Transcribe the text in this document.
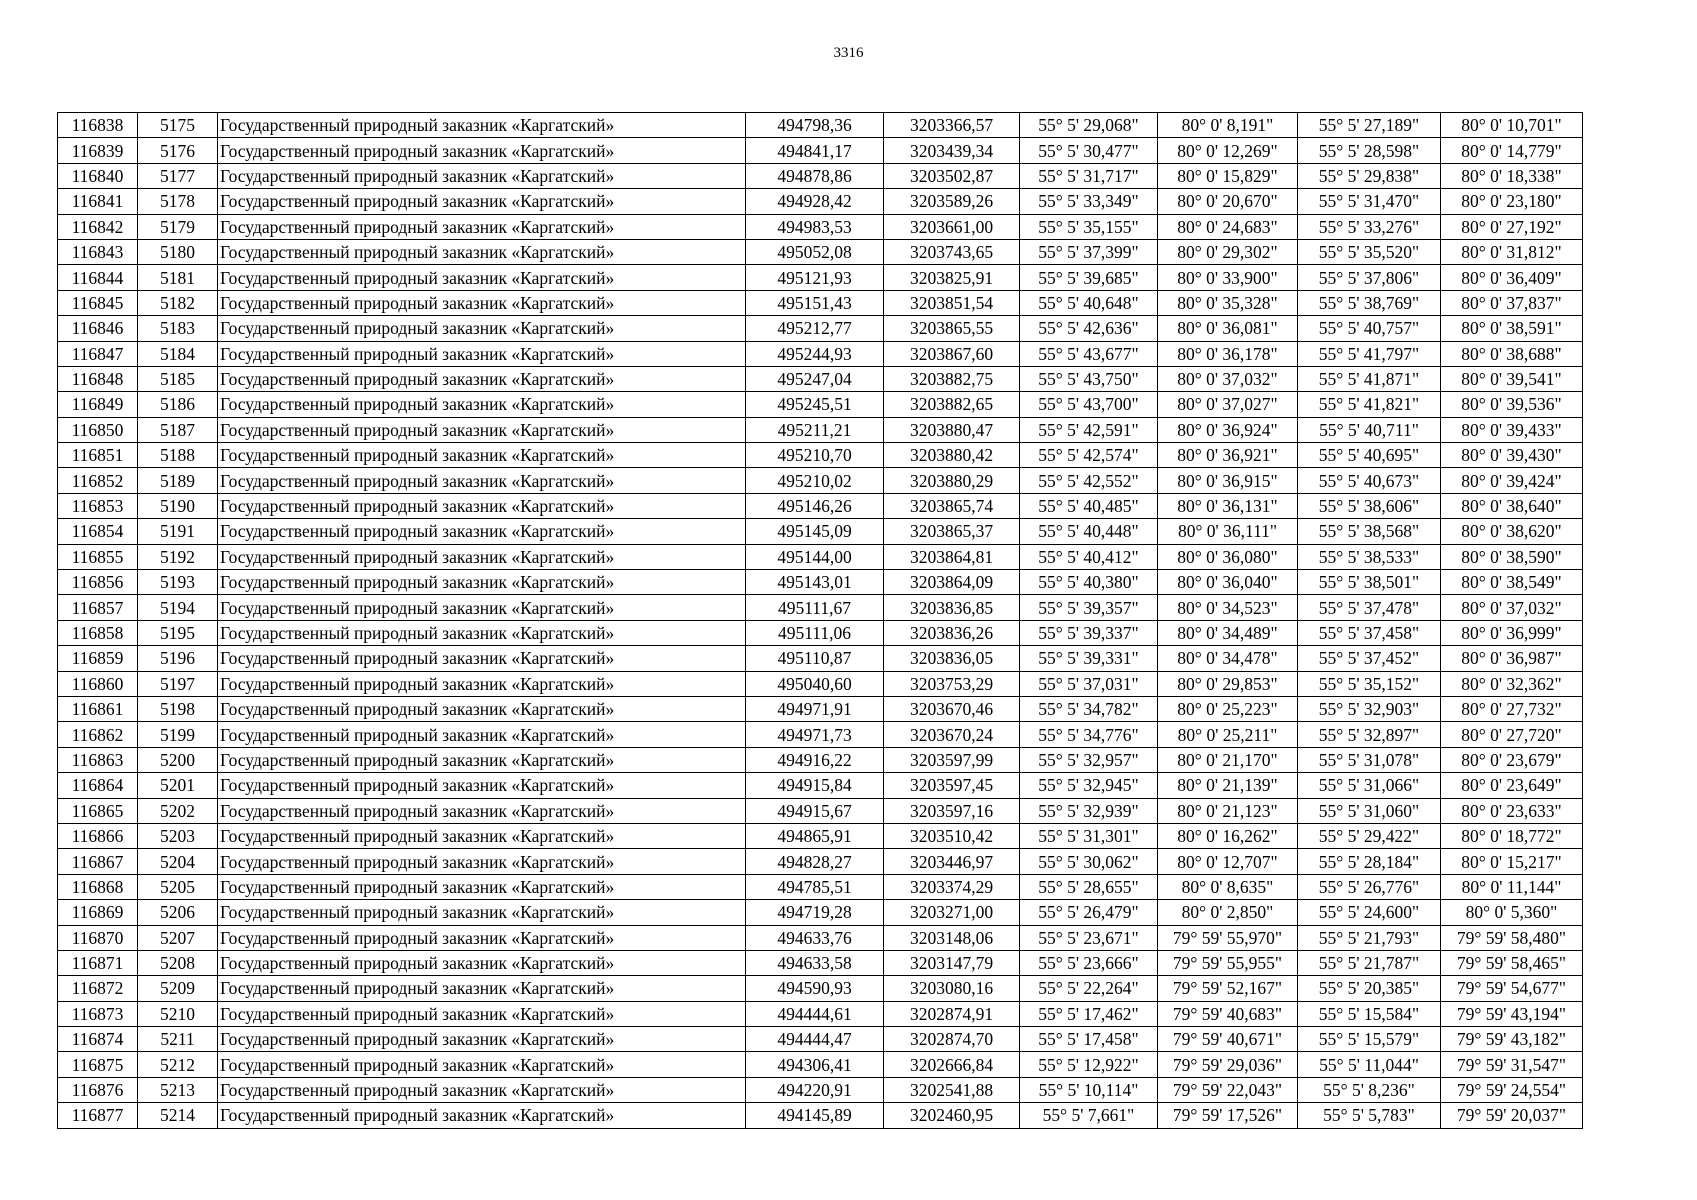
3316
116838	5175	Государственный природный заказник «Каргатский»	494798,36	3203366,57	55° 5' 29,068"	80° 0' 8,191"	55° 5' 27,189"	80° 0' 10,701"
116839	5176	Государственный природный заказник «Каргатский»	494841,17	3203439,34	55° 5' 30,477"	80° 0' 12,269"	55° 5' 28,598"	80° 0' 14,779"
116840	5177	Государственный природный заказник «Каргатский»	494878,86	3203502,87	55° 5' 31,717"	80° 0' 15,829"	55° 5' 29,838"	80° 0' 18,338"
116841	5178	Государственный природный заказник «Каргатский»	494928,42	3203589,26	55° 5' 33,349"	80° 0' 20,670"	55° 5' 31,470"	80° 0' 23,180"
116842	5179	Государственный природный заказник «Каргатский»	494983,53	3203661,00	55° 5' 35,155"	80° 0' 24,683"	55° 5' 33,276"	80° 0' 27,192"
116843	5180	Государственный природный заказник «Каргатский»	495052,08	3203743,65	55° 5' 37,399"	80° 0' 29,302"	55° 5' 35,520"	80° 0' 31,812"
116844	5181	Государственный природный заказник «Каргатский»	495121,93	3203825,91	55° 5' 39,685"	80° 0' 33,900"	55° 5' 37,806"	80° 0' 36,409"
116845	5182	Государственный природный заказник «Каргатский»	495151,43	3203851,54	55° 5' 40,648"	80° 0' 35,328"	55° 5' 38,769"	80° 0' 37,837"
116846	5183	Государственный природный заказник «Каргатский»	495212,77	3203865,55	55° 5' 42,636"	80° 0' 36,081"	55° 5' 40,757"	80° 0' 38,591"
116847	5184	Государственный природный заказник «Каргатский»	495244,93	3203867,60	55° 5' 43,677"	80° 0' 36,178"	55° 5' 41,797"	80° 0' 38,688"
116848	5185	Государственный природный заказник «Каргатский»	495247,04	3203882,75	55° 5' 43,750"	80° 0' 37,032"	55° 5' 41,871"	80° 0' 39,541"
116849	5186	Государственный природный заказник «Каргатский»	495245,51	3203882,65	55° 5' 43,700"	80° 0' 37,027"	55° 5' 41,821"	80° 0' 39,536"
116850	5187	Государственный природный заказник «Каргатский»	495211,21	3203880,47	55° 5' 42,591"	80° 0' 36,924"	55° 5' 40,711"	80° 0' 39,433"
116851	5188	Государственный природный заказник «Каргатский»	495210,70	3203880,42	55° 5' 42,574"	80° 0' 36,921"	55° 5' 40,695"	80° 0' 39,430"
116852	5189	Государственный природный заказник «Каргатский»	495210,02	3203880,29	55° 5' 42,552"	80° 0' 36,915"	55° 5' 40,673"	80° 0' 39,424"
116853	5190	Государственный природный заказник «Каргатский»	495146,26	3203865,74	55° 5' 40,485"	80° 0' 36,131"	55° 5' 38,606"	80° 0' 38,640"
116854	5191	Государственный природный заказник «Каргатский»	495145,09	3203865,37	55° 5' 40,448"	80° 0' 36,111"	55° 5' 38,568"	80° 0' 38,620"
116855	5192	Государственный природный заказник «Каргатский»	495144,00	3203864,81	55° 5' 40,412"	80° 0' 36,080"	55° 5' 38,533"	80° 0' 38,590"
116856	5193	Государственный природный заказник «Каргатский»	495143,01	3203864,09	55° 5' 40,380"	80° 0' 36,040"	55° 5' 38,501"	80° 0' 38,549"
116857	5194	Государственный природный заказник «Каргатский»	495111,67	3203836,85	55° 5' 39,357"	80° 0' 34,523"	55° 5' 37,478"	80° 0' 37,032"
116858	5195	Государственный природный заказник «Каргатский»	495111,06	3203836,26	55° 5' 39,337"	80° 0' 34,489"	55° 5' 37,458"	80° 0' 36,999"
116859	5196	Государственный природный заказник «Каргатский»	495110,87	3203836,05	55° 5' 39,331"	80° 0' 34,478"	55° 5' 37,452"	80° 0' 36,987"
116860	5197	Государственный природный заказник «Каргатский»	495040,60	3203753,29	55° 5' 37,031"	80° 0' 29,853"	55° 5' 35,152"	80° 0' 32,362"
116861	5198	Государственный природный заказник «Каргатский»	494971,91	3203670,46	55° 5' 34,782"	80° 0' 25,223"	55° 5' 32,903"	80° 0' 27,732"
116862	5199	Государственный природный заказник «Каргатский»	494971,73	3203670,24	55° 5' 34,776"	80° 0' 25,211"	55° 5' 32,897"	80° 0' 27,720"
116863	5200	Государственный природный заказник «Каргатский»	494916,22	3203597,99	55° 5' 32,957"	80° 0' 21,170"	55° 5' 31,078"	80° 0' 23,679"
116864	5201	Государственный природный заказник «Каргатский»	494915,84	3203597,45	55° 5' 32,945"	80° 0' 21,139"	55° 5' 31,066"	80° 0' 23,649"
116865	5202	Государственный природный заказник «Каргатский»	494915,67	3203597,16	55° 5' 32,939"	80° 0' 21,123"	55° 5' 31,060"	80° 0' 23,633"
116866	5203	Государственный природный заказник «Каргатский»	494865,91	3203510,42	55° 5' 31,301"	80° 0' 16,262"	55° 5' 29,422"	80° 0' 18,772"
116867	5204	Государственный природный заказник «Каргатский»	494828,27	3203446,97	55° 5' 30,062"	80° 0' 12,707"	55° 5' 28,184"	80° 0' 15,217"
116868	5205	Государственный природный заказник «Каргатский»	494785,51	3203374,29	55° 5' 28,655"	80° 0' 8,635"	55° 5' 26,776"	80° 0' 11,144"
116869	5206	Государственный природный заказник «Каргатский»	494719,28	3203271,00	55° 5' 26,479"	80° 0' 2,850"	55° 5' 24,600"	80° 0' 5,360"
116870	5207	Государственный природный заказник «Каргатский»	494633,76	3203148,06	55° 5' 23,671"	79° 59' 55,970"	55° 5' 21,793"	79° 59' 58,480"
116871	5208	Государственный природный заказник «Каргатский»	494633,58	3203147,79	55° 5' 23,666"	79° 59' 55,955"	55° 5' 21,787"	79° 59' 58,465"
116872	5209	Государственный природный заказник «Каргатский»	494590,93	3203080,16	55° 5' 22,264"	79° 59' 52,167"	55° 5' 20,385"	79° 59' 54,677"
116873	5210	Государственный природный заказник «Каргатский»	494444,61	3202874,91	55° 5' 17,462"	79° 59' 40,683"	55° 5' 15,584"	79° 59' 43,194"
116874	5211	Государственный природный заказник «Каргатский»	494444,47	3202874,70	55° 5' 17,458"	79° 59' 40,671"	55° 5' 15,579"	79° 59' 43,182"
116875	5212	Государственный природный заказник «Каргатский»	494306,41	3202666,84	55° 5' 12,922"	79° 59' 29,036"	55° 5' 11,044"	79° 59' 31,547"
116876	5213	Государственный природный заказник «Каргатский»	494220,91	3202541,88	55° 5' 10,114"	79° 59' 22,043"	55° 5' 8,236"	79° 59' 24,554"
116877	5214	Государственный природный заказник «Каргатский»	494145,89	3202460,95	55° 5' 7,661"	79° 59' 17,526"	55° 5' 5,783"	79° 59' 20,037"
